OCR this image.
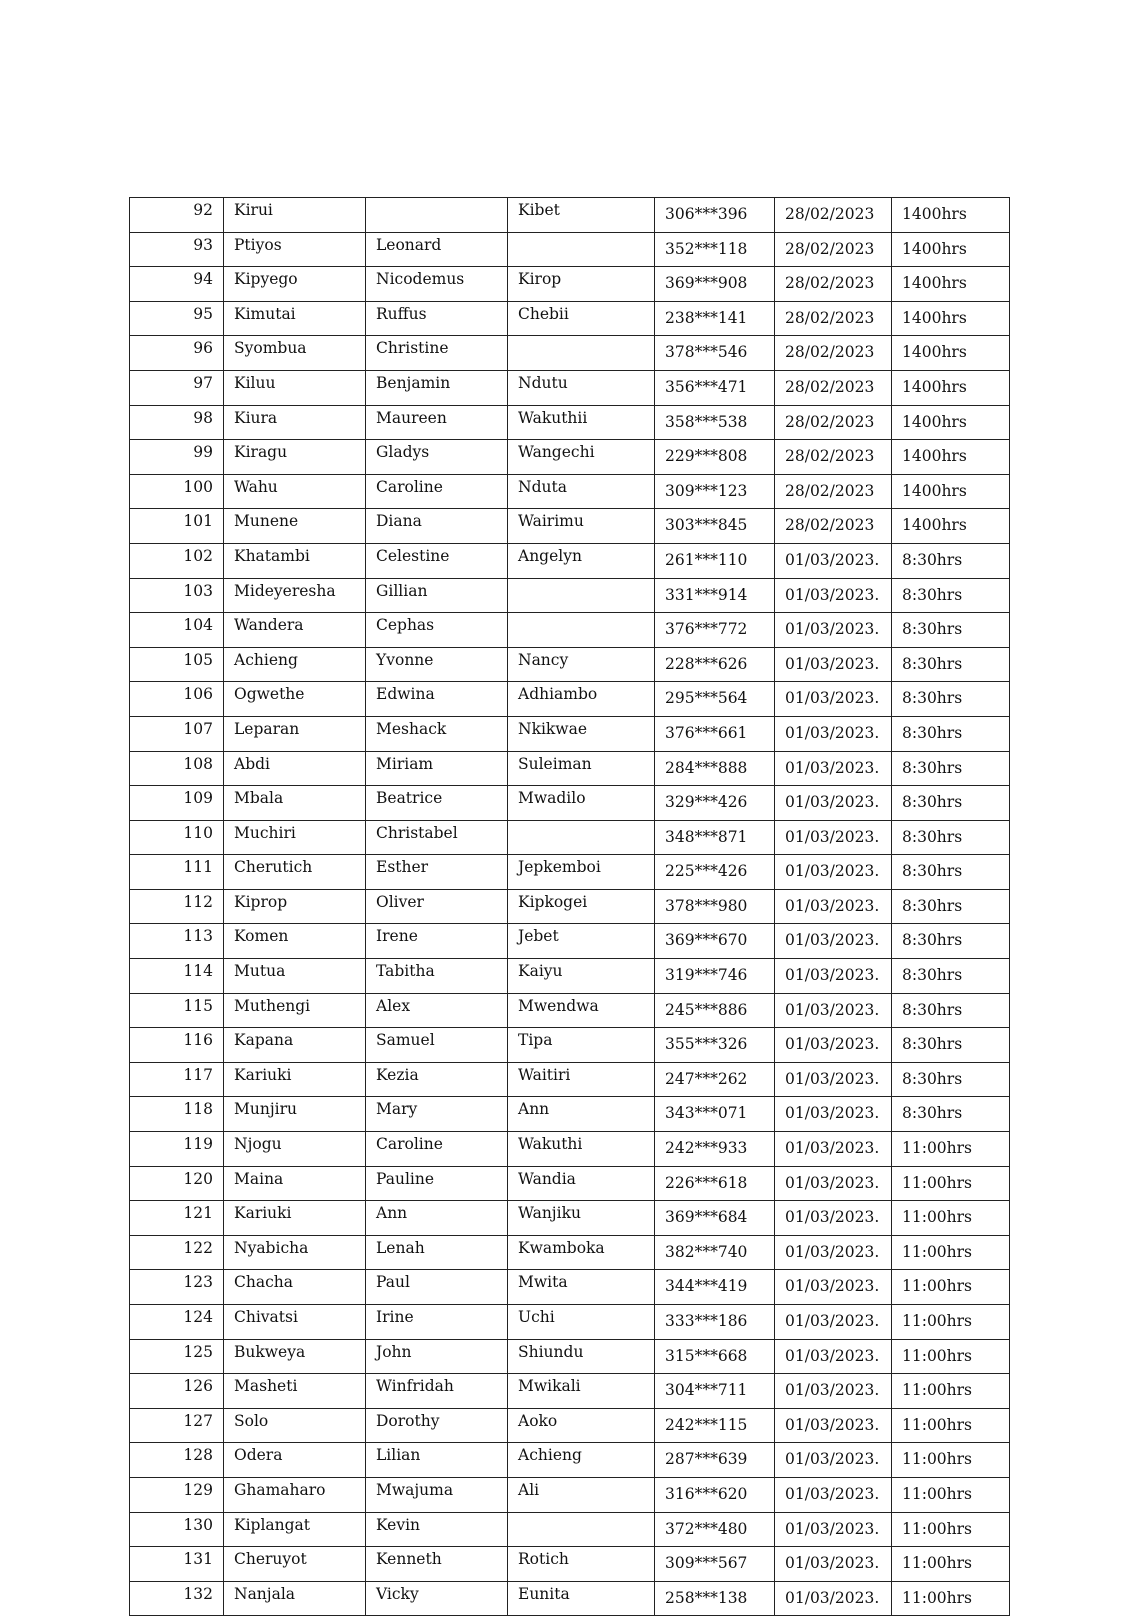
92	Kirui		Kibet	306***396	28/02/2023	1400hrs
93	Ptiyos	Leonard		352***118	28/02/2023	1400hrs
94	Kipyego	Nicodemus	Kirop	369***908	28/02/2023	1400hrs
95	Kimutai	Ruffus	Chebii	238***141	28/02/2023	1400hrs
96	Syombua	Christine		378***546	28/02/2023	1400hrs
97	Kiluu	Benjamin	Ndutu	356***471	28/02/2023	1400hrs
98	Kiura	Maureen	Wakuthii	358***538	28/02/2023	1400hrs
99	Kiragu	Gladys	Wangechi	229***808	28/02/2023	1400hrs
100	Wahu	Caroline	Nduta	309***123	28/02/2023	1400hrs
101	Munene	Diana	Wairimu	303***845	28/02/2023	1400hrs
102	Khatambi	Celestine	Angelyn	261***110	01/03/2023.	8:30hrs
103	Mideyeresha	Gillian		331***914	01/03/2023.	8:30hrs
104	Wandera	Cephas		376***772	01/03/2023.	8:30hrs
105	Achieng	Yvonne	Nancy	228***626	01/03/2023.	8:30hrs
106	Ogwethe	Edwina	Adhiambo	295***564	01/03/2023.	8:30hrs
107	Leparan	Meshack	Nkikwae	376***661	01/03/2023.	8:30hrs
108	Abdi	Miriam	Suleiman	284***888	01/03/2023.	8:30hrs
109	Mbala	Beatrice	Mwadilo	329***426	01/03/2023.	8:30hrs
110	Muchiri	Christabel		348***871	01/03/2023.	8:30hrs
111	Cherutich	Esther	Jepkemboi	225***426	01/03/2023.	8:30hrs
112	Kiprop	Oliver	Kipkogei	378***980	01/03/2023.	8:30hrs
113	Komen	Irene	Jebet	369***670	01/03/2023.	8:30hrs
114	Mutua	Tabitha	Kaiyu	319***746	01/03/2023.	8:30hrs
115	Muthengi	Alex	Mwendwa	245***886	01/03/2023.	8:30hrs
116	Kapana	Samuel	Tipa	355***326	01/03/2023.	8:30hrs
117	Kariuki	Kezia	Waitiri	247***262	01/03/2023.	8:30hrs
118	Munjiru	Mary	Ann	343***071	01/03/2023.	8:30hrs
119	Njogu	Caroline	Wakuthi	242***933	01/03/2023.	11:00hrs
120	Maina	Pauline	Wandia	226***618	01/03/2023.	11:00hrs
121	Kariuki	Ann	Wanjiku	369***684	01/03/2023.	11:00hrs
122	Nyabicha	Lenah	Kwamboka	382***740	01/03/2023.	11:00hrs
123	Chacha	Paul	Mwita	344***419	01/03/2023.	11:00hrs
124	Chivatsi	Irine	Uchi	333***186	01/03/2023.	11:00hrs
125	Bukweya	John	Shiundu	315***668	01/03/2023.	11:00hrs
126	Masheti	Winfridah	Mwikali	304***711	01/03/2023.	11:00hrs
127	Solo	Dorothy	Aoko	242***115	01/03/2023.	11:00hrs
128	Odera	Lilian	Achieng	287***639	01/03/2023.	11:00hrs
129	Ghamaharo	Mwajuma	Ali	316***620	01/03/2023.	11:00hrs
130	Kiplangat	Kevin		372***480	01/03/2023.	11:00hrs
131	Cheruyot	Kenneth	Rotich	309***567	01/03/2023.	11:00hrs
132	Nanjala	Vicky	Eunita	258***138	01/03/2023.	11:00hrs
